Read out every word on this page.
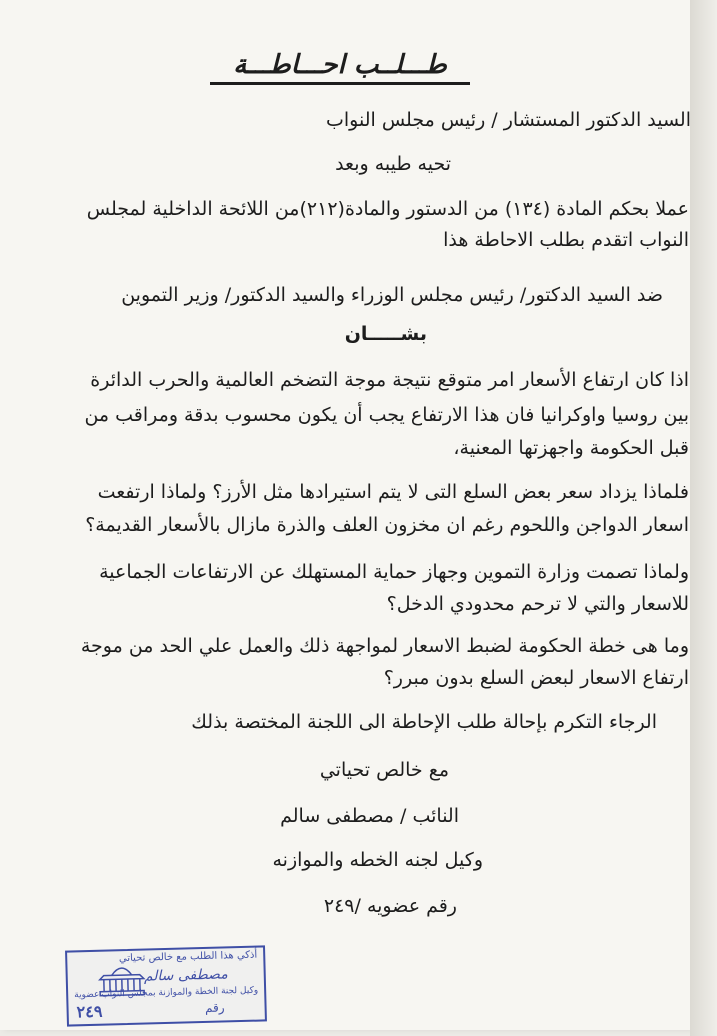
طـــلــب احـــاطـــة
السيد الدكتور المستشار / رئيس مجلس النواب
تحيه طيبه وبعد
عملا بحكم المادة (١٣٤) من الدستور والمادة(٢١٢)من اللائحة الداخلية لمجلس
النواب اتقدم بطلب الاحاطة هذا
ضد السيد الدكتور/ رئيس مجلس الوزراء والسيد الدكتور/ وزير التموين
بشـــــان
اذا كان ارتفاع الأسعار امر متوقع نتيجة موجة التضخم العالمية والحرب الدائرة
بين روسيا واوكرانيا فان هذا الارتفاع يجب أن يكون محسوب بدقة ومراقب من
قبل الحكومة واجهزتها المعنية،
فلماذا يزداد سعر بعض السلع التى لا يتم استيرادها مثل الأرز؟ ولماذا ارتفعت
اسعار الدواجن واللحوم رغم ان مخزون العلف والذرة مازال بالأسعار القديمة؟
ولماذا تصمت وزارة التموين وجهاز حماية المستهلك عن الارتفاعات الجماعية
للاسعار والتي لا ترحم محدودي الدخل؟
وما هى خطة الحكومة لضبط الاسعار لمواجهة ذلك والعمل علي الحد من موجة
ارتفاع الاسعار لبعض السلع بدون مبرر؟
الرجاء التكرم بإحالة طلب الإحاطة الى اللجنة المختصة بذلك
مع خالص تحياتي
النائب / مصطفى سالم
وكيل لجنه الخطه والموازنه
رقم عضويه /٢٤٩
أذكي هذا الطلب مع خالص تحياتي
مصطفى سالم
وكيل لجنة الخطة والموازنة بمجلس النواب
عضوية
رقم
٢٤٩
